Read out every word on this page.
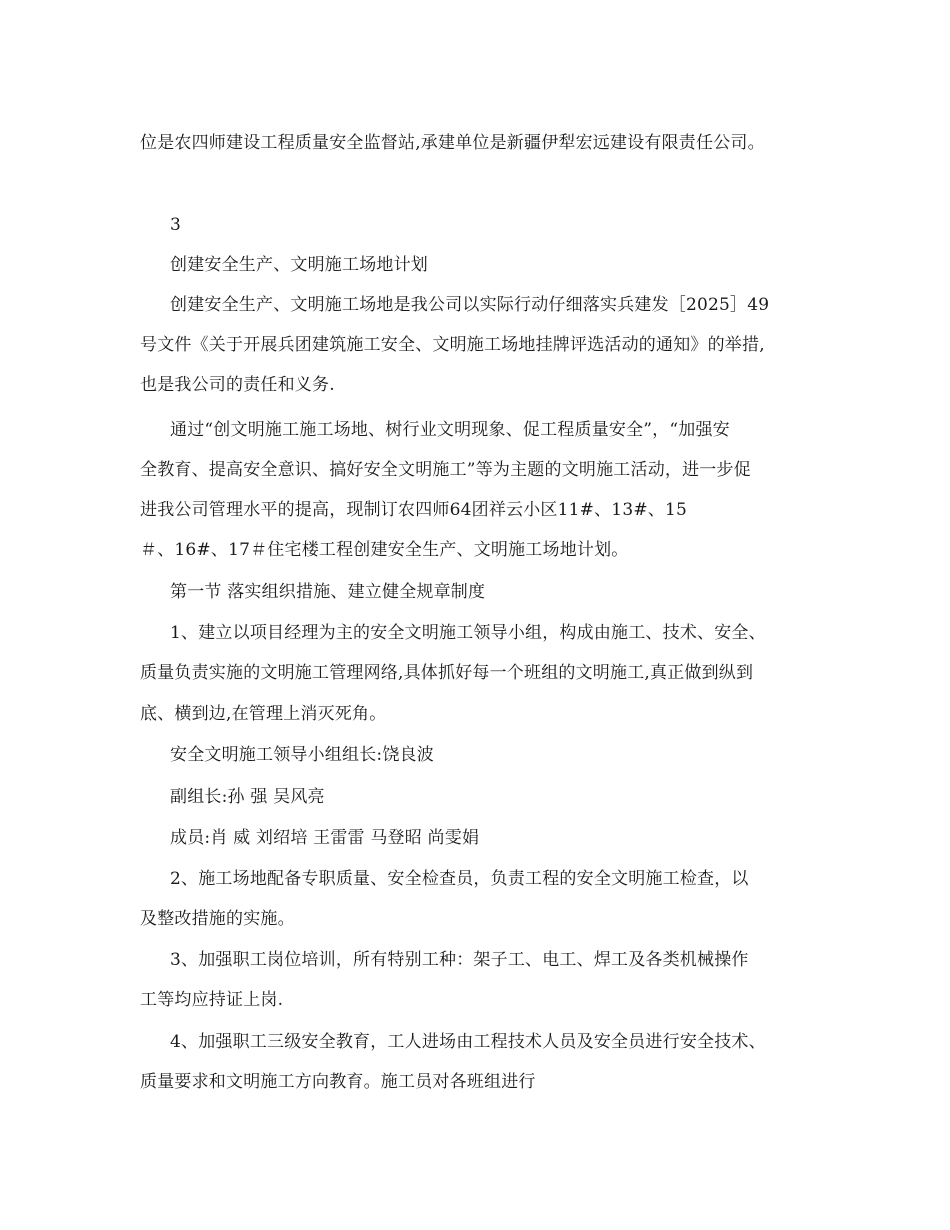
位是农四师建设工程质量安全监督站,承建单位是新疆伊犁宏远建设有限责任公司。
3
创建安全生产、文明施工场地计划
创建安全生产、文明施工场地是我公司以实际行动仔细落实兵建发［2025］49
号文件《关于开展兵团建筑施工安全、文明施工场地挂牌评选活动的通知》的举措,
也是我公司的责任和义务.
通过“创文明施工施工场地、树行业文明现象、促工程质量安全”，“加强安
全教育、提高安全意识、搞好安全文明施工”等为主题的文明施工活动，进一步促
进我公司管理水平的提高，现制订农四师64团祥云小区11#、13#、15
＃、16#、17＃住宅楼工程创建安全生产、文明施工场地计划。
第一节 落实组织措施、建立健全规章制度
1、建立以项目经理为主的安全文明施工领导小组，构成由施工、技术、安全、
质量负责实施的文明施工管理网络,具体抓好每一个班组的文明施工,真正做到纵到
底、横到边,在管理上消灭死角。
安全文明施工领导小组组长:饶良波
副组长:孙 强 吴风亮
成员:肖 威 刘绍培 王雷雷 马登昭 尚雯娟
2、施工场地配备专职质量、安全检查员，负责工程的安全文明施工检查，以
及整改措施的实施。
3、加强职工岗位培训，所有特别工种：架子工、电工、焊工及各类机械操作
工等均应持证上岗.
4、加强职工三级安全教育，工人进场由工程技术人员及安全员进行安全技术、
质量要求和文明施工方向教育。施工员对各班组进行
